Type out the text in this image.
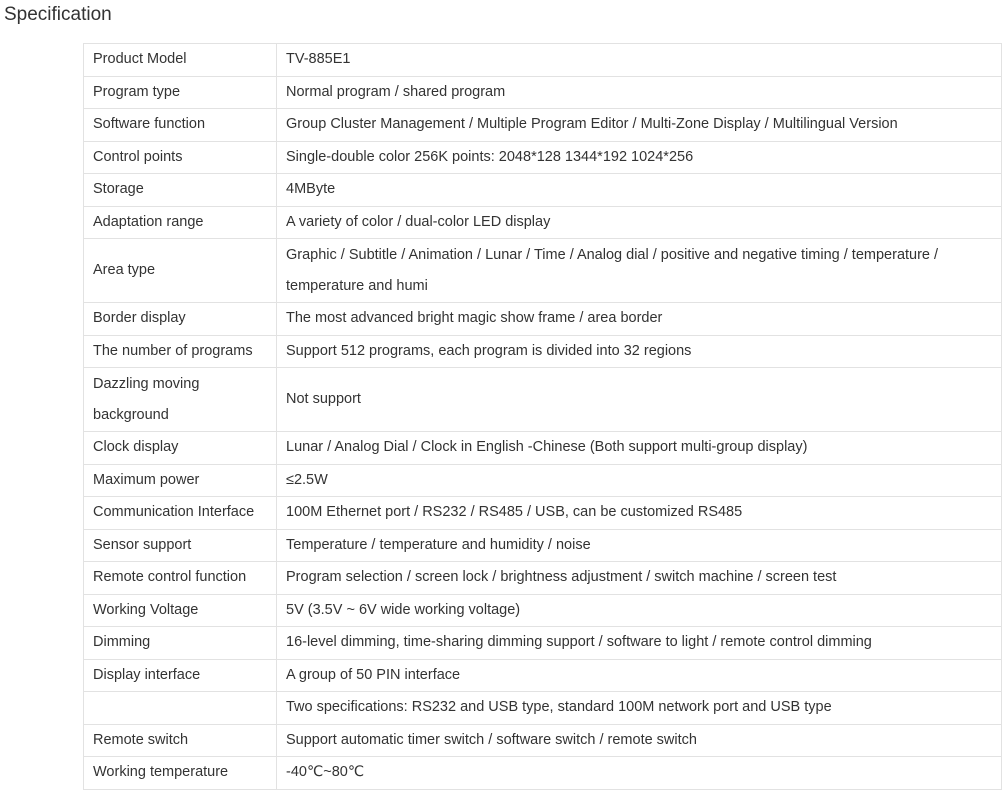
Specification
Product Model	TV-885E1
Program type	Normal program / shared program
Software function	Group Cluster Management / Multiple Program Editor / Multi-Zone Display / Multilingual Version
Control points	Single-double color 256K points: 2048*128 1344*192 1024*256
Storage	4MByte
Adaptation range	A variety of color / dual-color LED display
Area type	Graphic / Subtitle / Animation / Lunar / Time / Analog dial / positive and negative timing / temperature / temperature and humi
Border display	The most advanced bright magic show frame / area border
The number of programs	Support 512 programs, each program is divided into 32 regions
Dazzling moving background	Not support
Clock display	Lunar / Analog Dial / Clock in English -Chinese (Both support multi-group display)
Maximum power	≤2.5W
Communication Interface	100M Ethernet port / RS232 / RS485 / USB, can be customized RS485
Sensor support	Temperature / temperature and humidity / noise
Remote control function	Program selection / screen lock / brightness adjustment / switch machine / screen test
Working Voltage	5V (3.5V ~ 6V wide working voltage)
Dimming	16-level dimming, time-sharing dimming support / software to light / remote control dimming
Display interface	A group of 50 PIN interface
	Two specifications: RS232 and USB type, standard 100M network port and USB type
Remote switch	Support automatic timer switch / software switch / remote switch
Working temperature	-40℃~80℃
